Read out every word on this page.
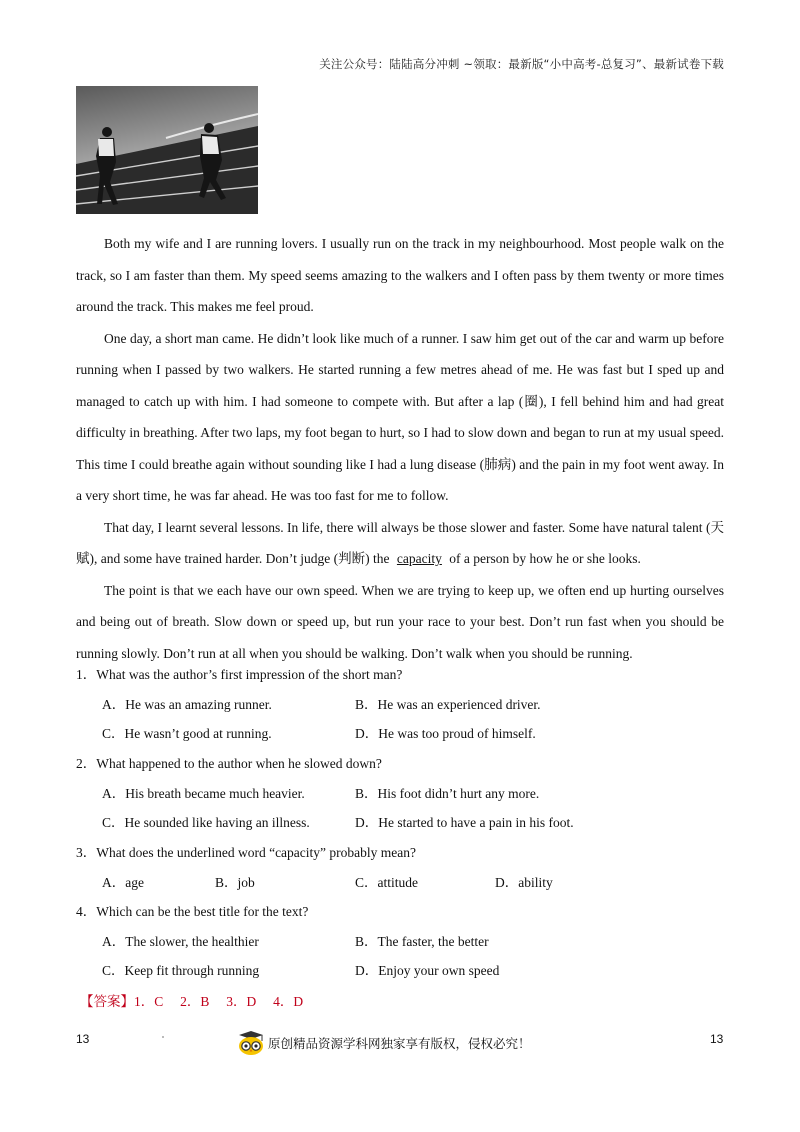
关注公众号：陆陆高分冲刺 ~领取：最新版“小中高考-总复习”、最新试卷下载

Both my wife and I are running lovers. I usually run on the track in my neighbourhood. Most people walk on the track, so I am faster than them. My speed seems amazing to the walkers and I often pass by them twenty or more times around the track. This makes me feel proud.

One day, a short man came. He didn’t look like much of a runner. I saw him get out of the car and warm up before running when I passed by two walkers. He started running a few metres ahead of me. He was fast but I sped up and managed to catch up with him. I had someone to compete with. But after a lap (圈), I fell behind him and had great difficulty in breathing. After two laps, my foot began to hurt, so I had to slow down and began to run at my usual speed. This time I could breathe again without sounding like I had a lung disease (肺病) and the pain in my foot went away. In a very short time, he was far ahead. He was too fast for me to follow.

That day, I learnt several lessons. In life, there will always be those slower and faster. Some have natural talent (天赋), and some have trained harder. Don’t judge (判断) the capacity of a person by how he or she looks.

The point is that we each have our own speed. When we are trying to keep up, we often end up hurting ourselves and being out of breath. Slow down or speed up, but run your race to your best. Don’t run fast when you should be running slowly. Don’t run at all when you should be walking. Don’t walk when you should be running.

1．What was the author’s first impression of the short man?
A．He was an amazing runner.	B．He was an experienced driver.
C．He wasn’t good at running.	D．He was too proud of himself.
2．What happened to the author when he slowed down?
A．His breath became much heavier.	B．His foot didn’t hurt any more.
C．He sounded like having an illness.	D．He started to have a pain in his foot.
3．What does the underlined word “capacity” probably mean?
A．age	B．job	C．attitude	D．ability
4．Which can be the best title for the text?
A．The slower, the healthier	B．The faster, the better
C．Keep fit through running	D．Enjoy your own speed
【答案】1．C　 2．B　 3．D　 4．D
13	13
原创精品资源学科网独家享有版权，侵权必究！
